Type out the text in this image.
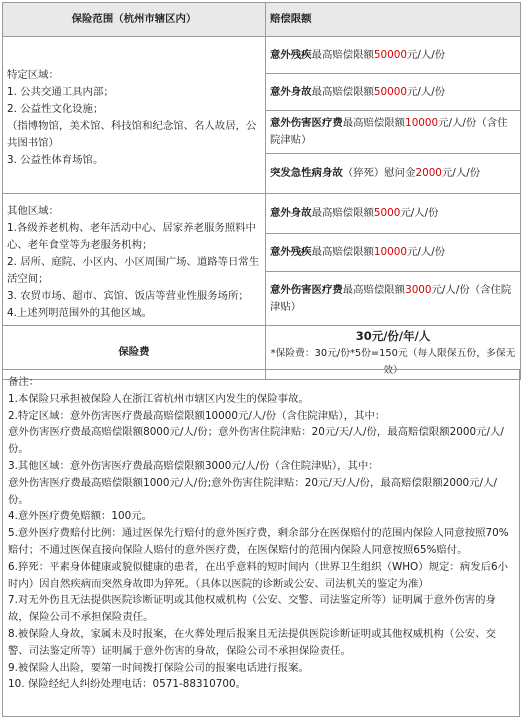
保险范围（杭州市辖区内）	赔偿限额

特定区域：
1. 公共交通工具内部；
2. 公益性文化设施；
（指博物馆，美术馆、科技馆和纪念馆、名人故居，公共图书馆）
3. 公益性体育场馆。	意外残疾最高赔偿限额50000元/人/份
	意外身故最高赔偿限额50000元/人/份
	意外伤害医疗费最高赔偿限额10000元/人/份（含住院津贴）
	突发急性病身故（猝死）慰问金2000元/人/份

其他区域：
1.各级养老机构、老年活动中心、居家养老服务照料中心、老年食堂等为老服务机构；
2. 居所、庭院、小区内、小区周围广场、道路等日常生活空间；
3. 农贸市场、超市、宾馆、饭店等营业性服务场所；
4.上述列明范围外的其他区域。	意外身故最高赔偿限额5000元/人/份
	意外残疾最高赔偿限额10000元/人/份
	意外伤害医疗费最高赔偿限额3000元/人/份（含住院津贴）
保险费	30元/份/年/人
*保险费：30元/份*5份=150元（每人限保五份，多保无效）

备注：

1.本保险只承担被保险人在浙江省杭州市辖区内发生的保险事故。

2.特定区域：意外伤害医疗费最高赔偿限额10000元/人/份（含住院津贴），其中：

意外伤害医疗费最高赔偿限额8000元/人/份；意外伤害住院津贴：20元/天/人/份，最高赔偿限额2000元/人/份。

3.其他区域：意外伤害医疗费最高赔偿限额3000元/人/份（含住院津贴），其中：

意外伤害医疗费最高赔偿限额1000元/人/份;意外伤害住院津贴：20元/天/人/份，最高赔偿限额2000元/人/份。

4.意外医疗费免赔额：100元。

5.意外医疗费赔付比例：通过医保先行赔付的意外医疗费，剩余部分在医保赔付的范围内保险人同意按照70%赔付；不通过医保直接向保险人赔付的意外医疗费，在医保赔付的范围内保险人同意按照65%赔付。

6.猝死：平素身体健康或貌似健康的患者，在出乎意料的短时间内（世界卫生组织（WHO）规定：病发后6小时内）因自然疾病而突然身故即为猝死。（具体以医院的诊断或公安、司法机关的鉴定为准）

7.对无外伤且无法提供医院诊断证明或其他权威机构（公安、交警、司法鉴定所等）证明属于意外伤害的身故，保险公司不承担保险责任。

8.被保险人身故，家属未及时报案，在火葬处理后报案且无法提供医院诊断证明或其他权威机构（公安、交警、司法鉴定所等）证明属于意外伤害的身故，保险公司不承担保险责任。

9.被保险人出险，要第一时间拨打保险公司的报案电话进行报案。

10. 保险经纪人纠纷处理电话：0571-88310700。
